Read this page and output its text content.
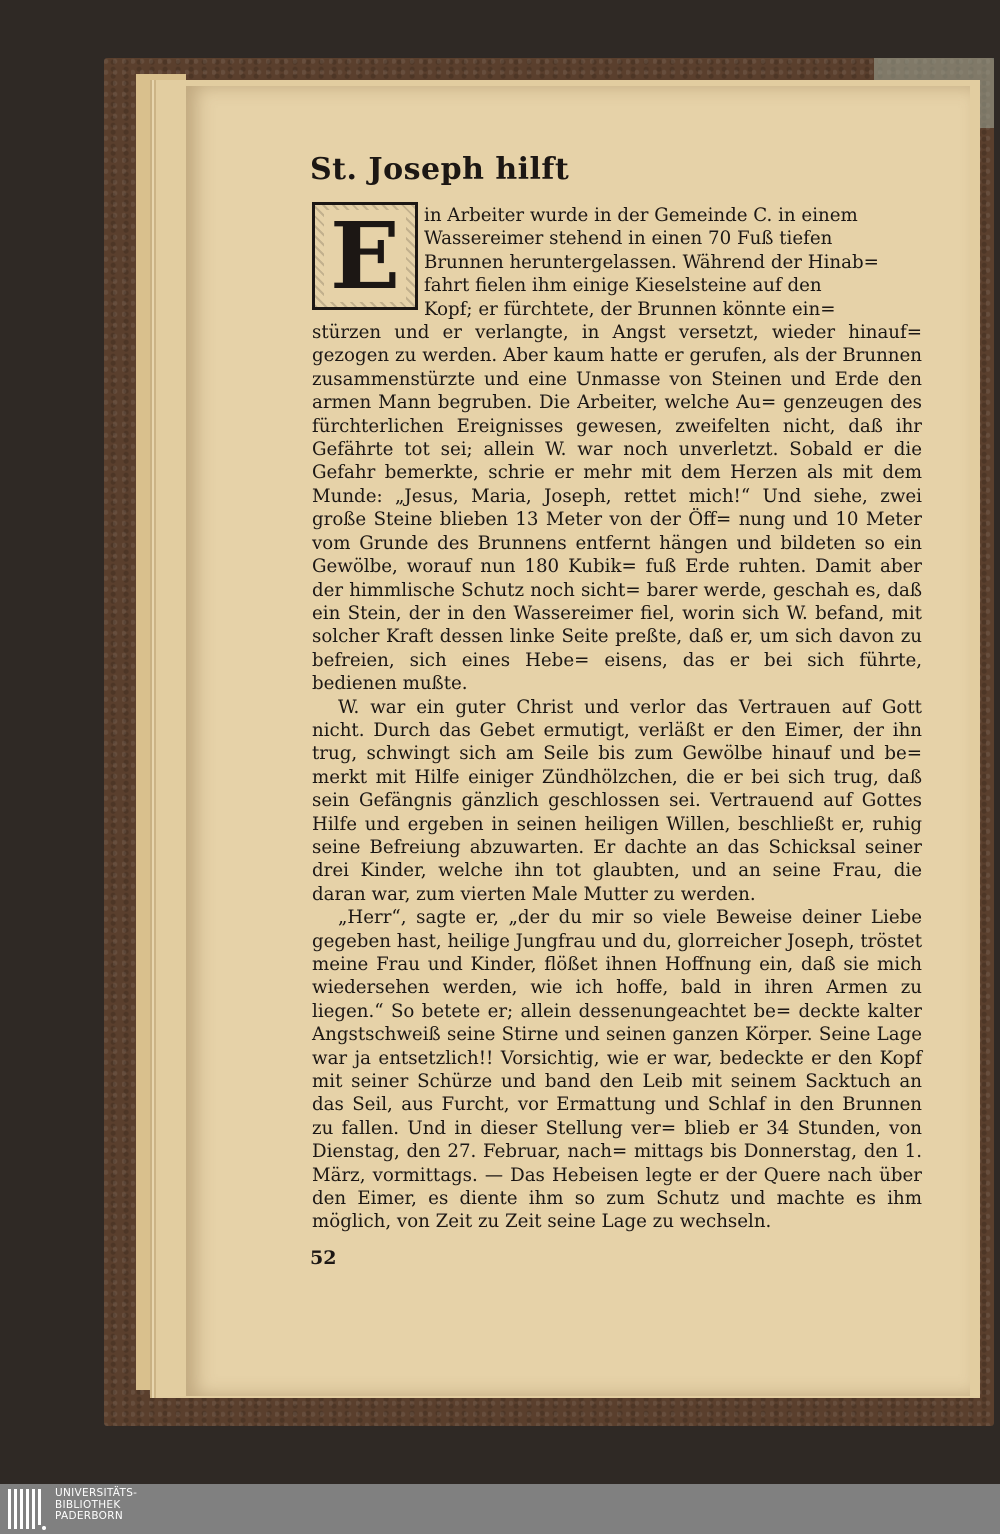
St. Joseph hilft
E	in Arbeiter wurde in der Gemeinde C. in einem
Wassereimer stehend in einen 70 Fuß tiefen
Brunnen heruntergelassen. Während der Hinab=
fahrt fielen ihm einige Kieselsteine auf den
Kopf; er fürchtete, der Brunnen könnte ein=

stürzen und er verlangte, in Angst versetzt, wieder hinauf= gezogen zu werden. Aber kaum hatte er gerufen, als der Brunnen zusammenstürzte und eine Unmasse von Steinen und Erde den armen Mann begruben. Die Arbeiter, welche Au= genzeugen des fürchterlichen Ereignisses gewesen, zweifelten nicht, daß ihr Gefährte tot sei; allein W. war noch unverletzt. Sobald er die Gefahr bemerkte, schrie er mehr mit dem Herzen als mit dem Munde: „Jesus, Maria, Joseph, rettet mich!“ Und siehe, zwei große Steine blieben 13 Meter von der Öff= nung und 10 Meter vom Grunde des Brunnens entfernt hängen und bildeten so ein Gewölbe, worauf nun 180 Kubik= fuß Erde ruhten. Damit aber der himmlische Schutz noch sicht= barer werde, geschah es, daß ein Stein, der in den Wassereimer fiel, worin sich W. befand, mit solcher Kraft dessen linke Seite preßte, daß er, um sich davon zu befreien, sich eines Hebe= eisens, das er bei sich führte, bedienen mußte.

W. war ein guter Christ und verlor das Vertrauen auf Gott nicht. Durch das Gebet ermutigt, verläßt er den Eimer, der ihn trug, schwingt sich am Seile bis zum Gewölbe hinauf und be= merkt mit Hilfe einiger Zündhölzchen, die er bei sich trug, daß sein Gefängnis gänzlich geschlossen sei. Vertrauend auf Gottes Hilfe und ergeben in seinen heiligen Willen, beschließt er, ruhig seine Befreiung abzuwarten. Er dachte an das Schicksal seiner drei Kinder, welche ihn tot glaubten, und an seine Frau, die daran war, zum vierten Male Mutter zu werden.

„Herr“, sagte er, „der du mir so viele Beweise deiner Liebe gegeben hast, heilige Jungfrau und du, glorreicher Joseph, tröstet meine Frau und Kinder, flößet ihnen Hoffnung ein, daß sie mich wiedersehen werden, wie ich hoffe, bald in ihren Armen zu liegen.“ So betete er; allein dessenungeachtet be= deckte kalter Angstschweiß seine Stirne und seinen ganzen Körper. Seine Lage war ja entsetzlich!! Vorsichtig, wie er war, bedeckte er den Kopf mit seiner Schürze und band den Leib mit seinem Sacktuch an das Seil, aus Furcht, vor Ermattung und Schlaf in den Brunnen zu fallen. Und in dieser Stellung ver= blieb er 34 Stunden, von Dienstag, den 27. Februar, nach= mittags bis Donnerstag, den 1. März, vormittags. — Das Hebeisen legte er der Quere nach über den Eimer, es diente ihm so zum Schutz und machte es ihm möglich, von Zeit zu Zeit seine Lage zu wechseln.

52

UNIVERSITÄTS-
BIBLIOTHEK
PADERBORN
